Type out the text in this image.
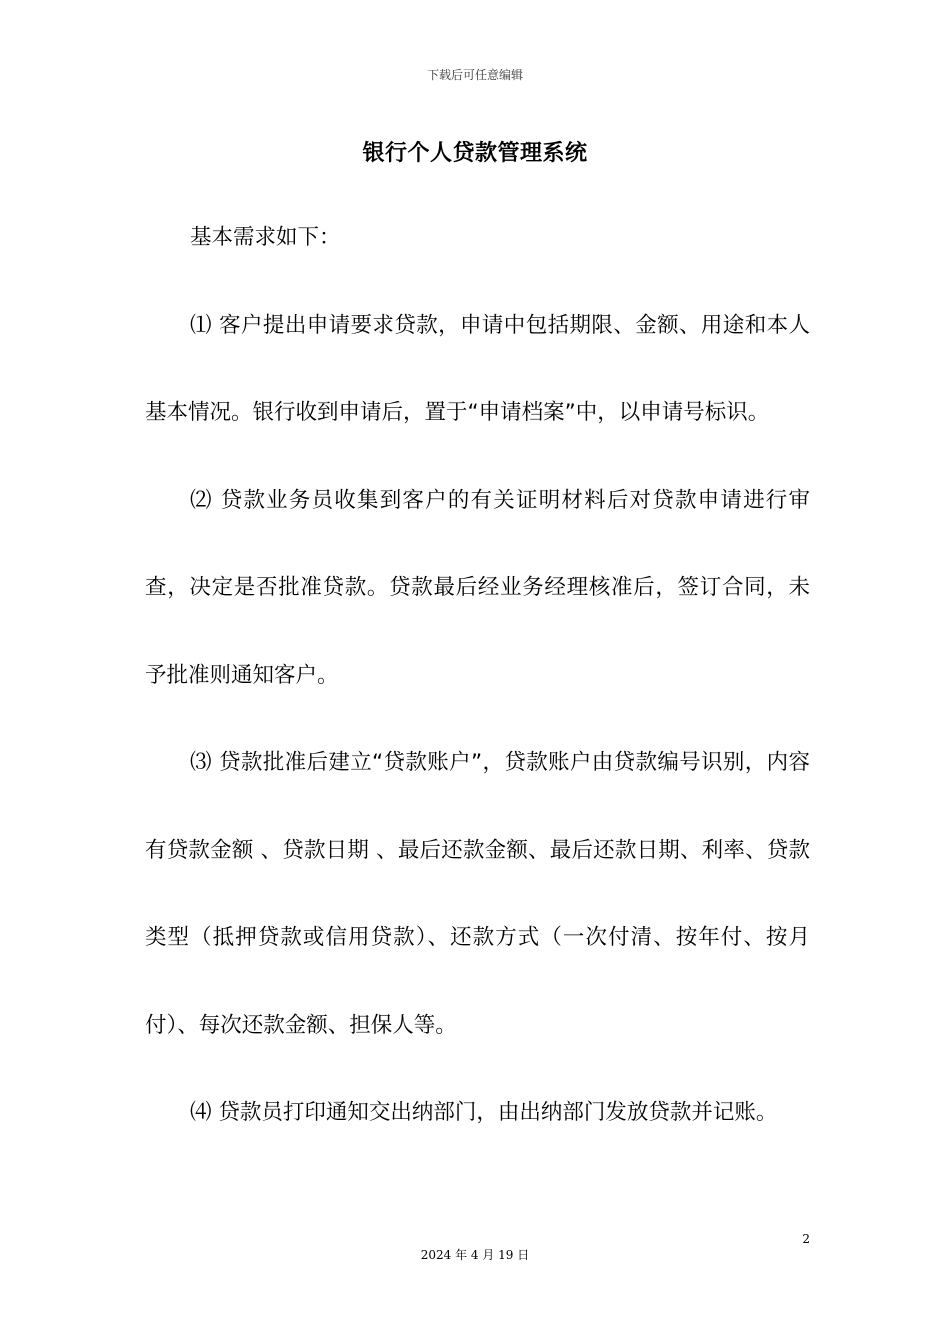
下载后可任意编辑
银行个人贷款管理系统

基本需求如下：

⑴ 客户提出申请要求贷款，申请中包括期限、金额、用途和本人基本情况。银行收到申请后，置于“申请档案”中，以申请号标识。

⑵ 贷款业务员收集到客户的有关证明材料后对贷款申请进行审查，决定是否批准贷款。贷款最后经业务经理核准后，签订合同，未予批准则通知客户。

⑶ 贷款批准后建立“贷款账户”，贷款账户由贷款编号识别，内容有贷款金额 、贷款日期 、最后还款金额、最后还款日期、利率、贷款类型（抵押贷款或信用贷款）、还款方式（一次付清、按年付、按月付）、每次还款金额、担保人等。

⑷ 贷款员打印通知交出纳部门，由出纳部门发放贷款并记账。

2
2024 年 4 月 19 日
